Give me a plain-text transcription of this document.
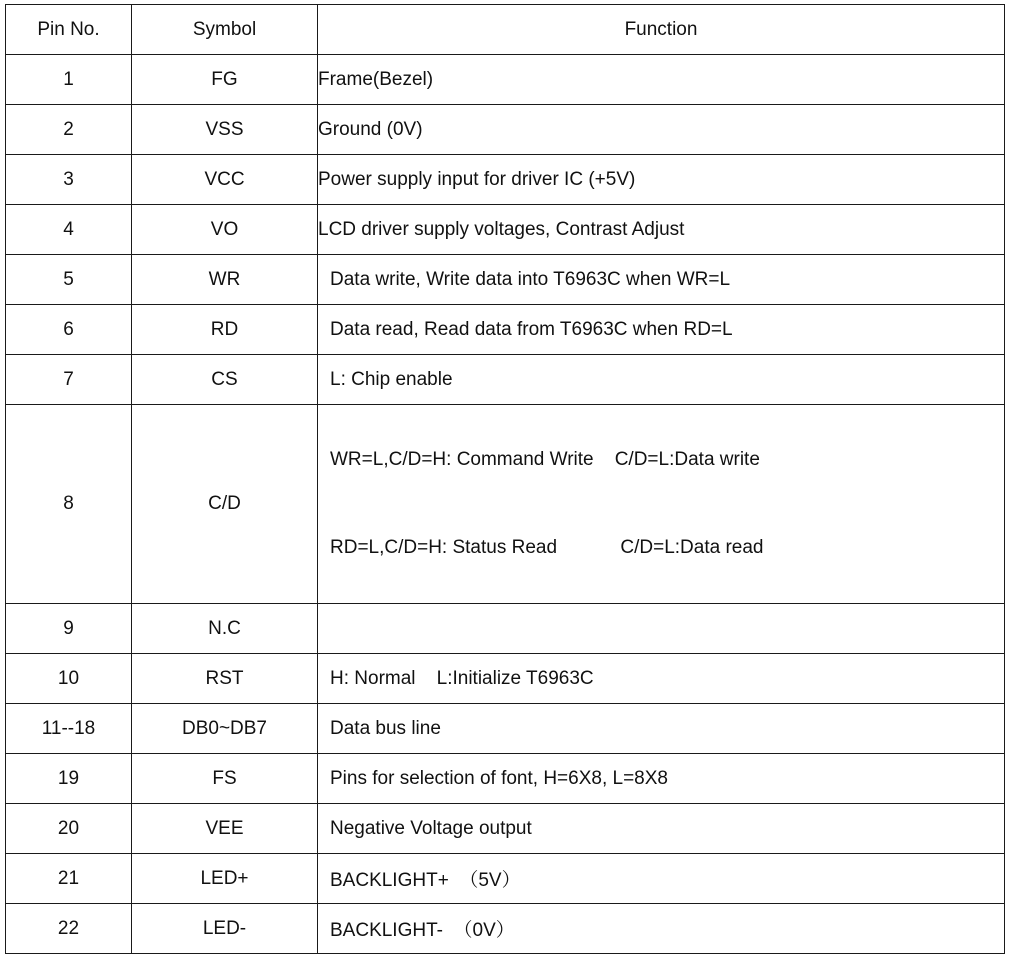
Pin No.	Symbol	Function
1	FG	Frame(Bezel)

2	VSS	Ground (0V)

3	VCC	Power supply input for driver IC (+5V)

4	VO	LCD driver supply voltages, Contrast Adjust

5	WR	Data write, Write data into T6963C when WR=L

6	RD	Data read, Read data from T6963C when RD=L

7	CS	L: Chip enable

8	C/D	WR=L,C/D=H: Command Write    C/D=L:Data write

RD=L,C/D=H: Status Read            C/D=L:Data read

9	N.C	

10	RST	H: Normal    L:Initialize T6963C

11--18	DB0~DB7	Data bus line

19	FS	Pins for selection of font, H=6X8, L=8X8

20	VEE	Negative Voltage output

21	LED+	BACKLIGHT+  （5V）

22	LED-	BACKLIGHT-  （0V）
